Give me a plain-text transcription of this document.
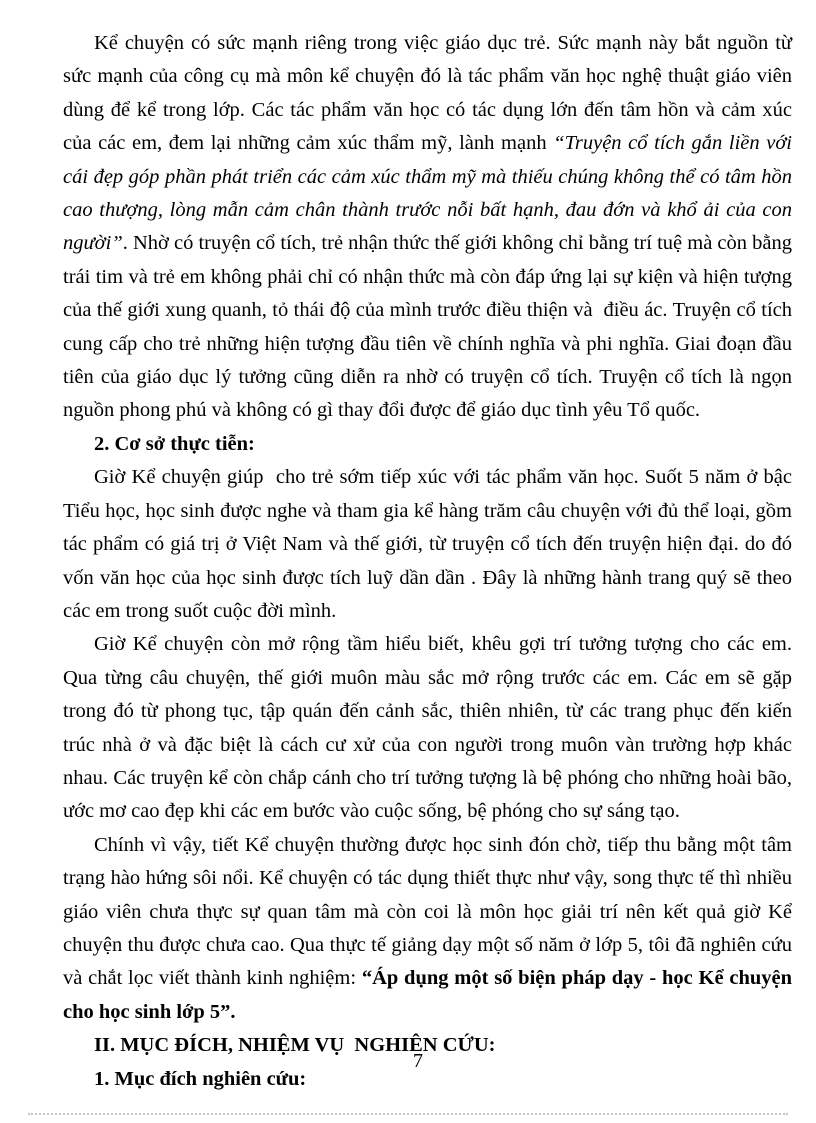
Kể chuyện có sức mạnh riêng trong việc giáo dục trẻ. Sức mạnh này bắt nguồn từ sức mạnh của công cụ mà môn kể chuyện đó là tác phẩm văn học nghệ thuật giáo viên dùng để kể trong lớp. Các tác phẩm văn học có tác dụng lớn đến tâm hồn và cảm xúc của các em, đem lại những cảm xúc thẩm mỹ, lành mạnh “Truyện cổ tích gắn liền với cái đẹp góp phần phát triển các cảm xúc thẩm mỹ mà thiếu chúng không thể có tâm hồn cao thượng, lòng mẫn cảm chân thành trước nỗi bất hạnh, đau đớn và khổ ải của con người”. Nhờ có truyện cổ tích, trẻ nhận thức thế giới không chỉ bằng trí tuệ mà còn bằng trái tim và trẻ em không phải chỉ có nhận thức mà còn đáp ứng lại sự kiện và hiện tượng của thế giới xung quanh, tỏ thái độ của mình trước điều thiện và  điều ác. Truyện cổ tích cung cấp cho trẻ những hiện tượng đầu tiên về chính nghĩa và phi nghĩa. Giai đoạn đầu tiên của giáo dục lý tưởng cũng diễn ra nhờ có truyện cổ tích. Truyện cổ tích là ngọn nguồn phong phú và không có gì thay đổi được để giáo dục tình yêu Tổ quốc.

2. Cơ sở thực tiễn:

Giờ Kể chuyện giúp  cho trẻ sớm tiếp xúc với tác phẩm văn học. Suốt 5 năm ở bậc Tiểu học, học sinh được nghe và tham gia kể hàng trăm câu chuyện với đủ thể loại, gồm tác phẩm có giá trị ở Việt Nam và thế giới, từ truyện cổ tích đến truyện hiện đại. do đó vốn văn học của học sinh được tích luỹ dần dần . Đây là những hành trang quý sẽ theo các em trong suốt cuộc đời mình.

Giờ Kể chuyện còn mở rộng tầm hiểu biết, khêu gợi trí tưởng tượng cho các em. Qua từng câu chuyện, thế giới muôn màu sắc mở rộng trước các em. Các em sẽ gặp trong đó từ phong tục, tập quán đến cảnh sắc, thiên nhiên, từ các trang phục đến kiến trúc nhà ở và đặc biệt là cách cư xử của con người trong muôn vàn trường hợp khác nhau. Các truyện kể còn chắp cánh cho trí tưởng tượng là bệ phóng cho những hoài bão, ước mơ cao đẹp khi các em bước vào cuộc sống, bệ phóng cho sự sáng tạo.

Chính vì vậy, tiết Kể chuyện thường được học sinh đón chờ, tiếp thu bằng một tâm trạng hào hứng sôi nổi. Kể chuyện có tác dụng thiết thực như vậy, song thực tế thì nhiều giáo viên chưa thực sự quan tâm mà còn coi là môn học giải trí nên kết quả giờ Kể chuyện thu được chưa cao. Qua thực tế giảng dạy một số năm ở lớp 5, tôi đã nghiên cứu và chắt lọc viết thành kinh nghiệm: “Áp dụng một số biện pháp dạy - học Kể chuyện cho học sinh lớp 5”.

II. MỤC ĐÍCH, NHIỆM VỤ  NGHIÊN CỨU:

1. Mục đích nghiên cứu:

7
